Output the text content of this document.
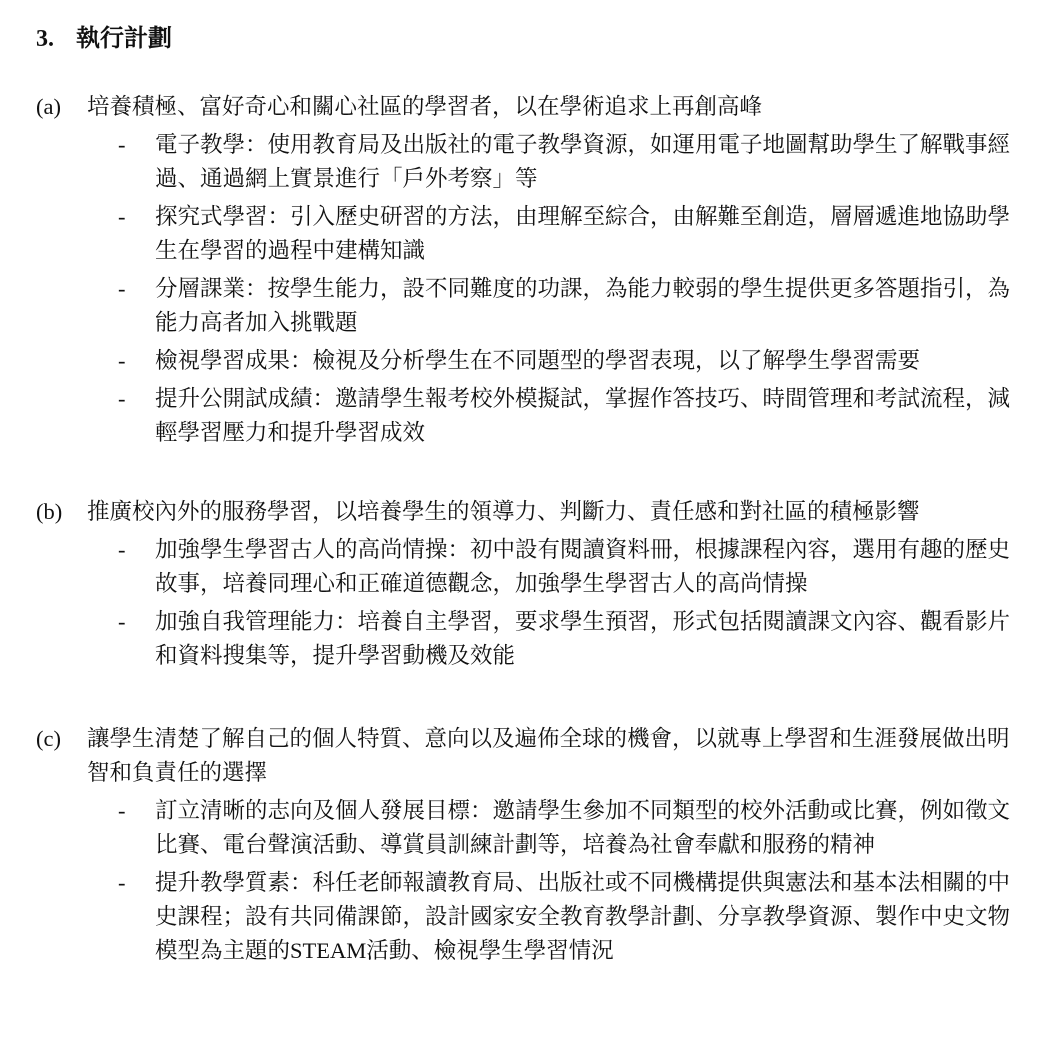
3. 執行計劃
(a)	培養積極、富好奇心和關心社區的學習者，以在學術追求上再創高峰
-	電子教學：使用教育局及出版社的電子教學資源，如運用電子地圖幫助學生了解戰事經過、通過網上實景進行「戶外考察」等
-	探究式學習：引入歷史研習的方法，由理解至綜合，由解難至創造，層層遞進地協助學生在學習的過程中建構知識
-	分層課業：按學生能力，設不同難度的功課，為能力較弱的學生提供更多答題指引，為能力高者加入挑戰題
-	檢視學習成果：檢視及分析學生在不同題型的學習表現，以了解學生學習需要
-	提升公開試成績：邀請學生報考校外模擬試，掌握作答技巧、時間管理和考試流程，減輕學習壓力和提升學習成效
(b)	推廣校內外的服務學習，以培養學生的領導力、判斷力、責任感和對社區的積極影響
-	加強學生學習古人的高尚情操：初中設有閱讀資料冊，根據課程內容，選用有趣的歷史故事，培養同理心和正確道德觀念，加強學生學習古人的高尚情操
-	加強自我管理能力：培養自主學習，要求學生預習，形式包括閱讀課文內容、觀看影片和資料搜集等，提升學習動機及效能
(c)	讓學生清楚了解自己的個人特質、意向以及遍佈全球的機會，以就專上學習和生涯發展做出明智和負責任的選擇
-	訂立清晰的志向及個人發展目標：邀請學生參加不同類型的校外活動或比賽，例如徵文比賽、電台聲演活動、導賞員訓練計劃等，培養為社會奉獻和服務的精神
-	提升教學質素：科任老師報讀教育局、出版社或不同機構提供與憲法和基本法相關的中史課程；設有共同備課節，設計國家安全教育教學計劃、分享教學資源、製作中史文物模型為主題的STEAM活動、檢視學生學習情況
